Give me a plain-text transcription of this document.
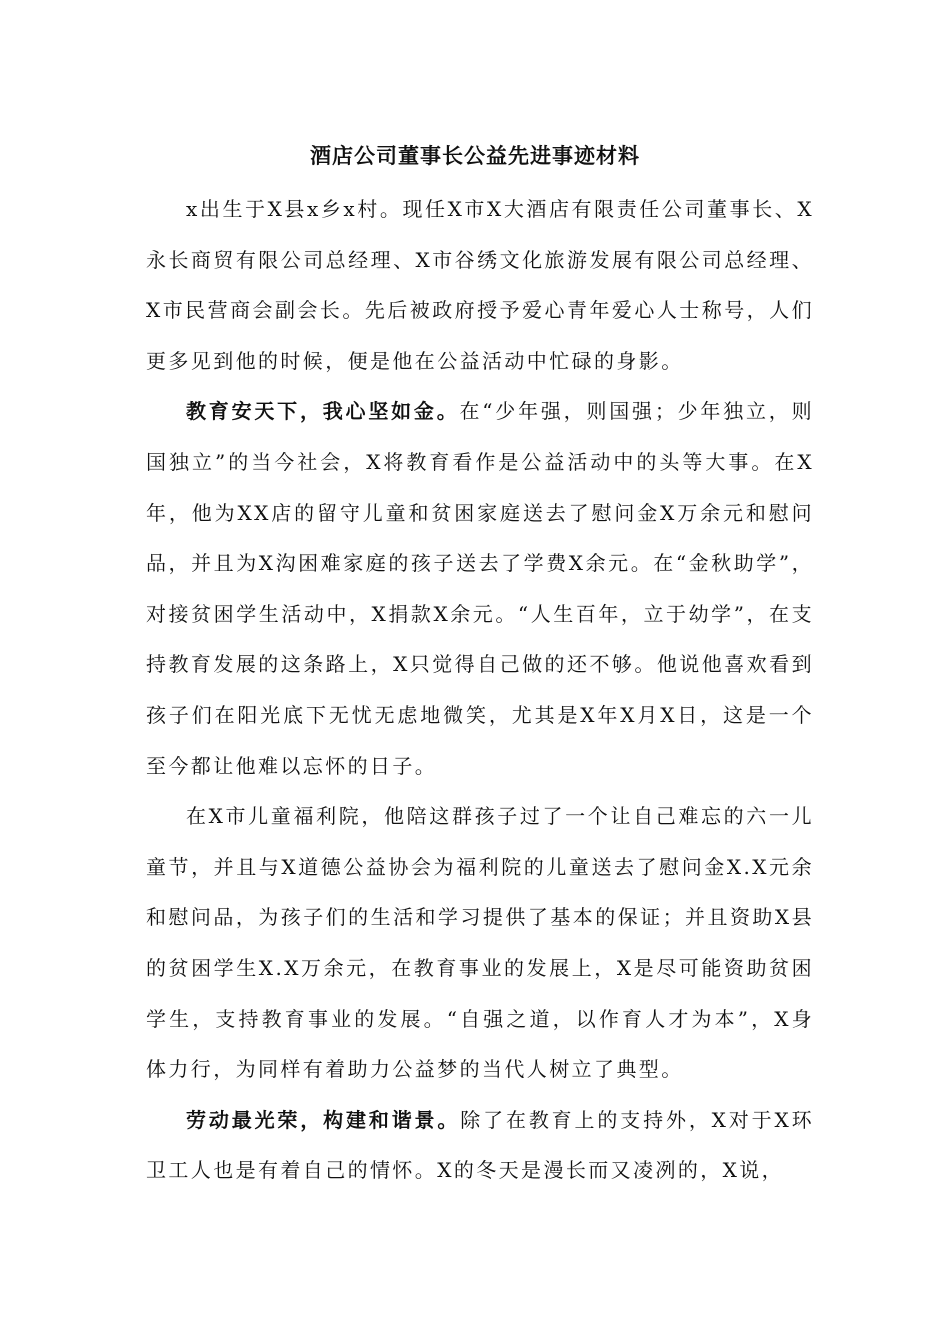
酒店公司董事长公益先进事迹材料

x出生于X县x乡x村。现任X市X大酒店有限责任公司董事长、X永长商贸有限公司总经理、X市谷绣文化旅游发展有限公司总经理、X市民营商会副会长。先后被政府授予爱心青年爱心人士称号，人们更多见到他的时候，便是他在公益活动中忙碌的身影。

教育安天下，我心坚如金。在“少年强，则国强；少年独立，则国独立”的当今社会，X将教育看作是公益活动中的头等大事。在X年，他为XX店的留守儿童和贫困家庭送去了慰问金X万余元和慰问品，并且为X沟困难家庭的孩子送去了学费X余元。在“金秋助学”，对接贫困学生活动中，X捐款X余元。“人生百年，立于幼学”，在支持教育发展的这条路上，X只觉得自己做的还不够。他说他喜欢看到孩子们在阳光底下无忧无虑地微笑，尤其是X年X月X日，这是一个至今都让他难以忘怀的日子。

在X市儿童福利院，他陪这群孩子过了一个让自己难忘的六一儿童节，并且与X道德公益协会为福利院的儿童送去了慰问金X.X元余和慰问品，为孩子们的生活和学习提供了基本的保证；并且资助X县的贫困学生X.X万余元，在教育事业的发展上，X是尽可能资助贫困学生，支持教育事业的发展。“自强之道，以作育人才为本”，X身体力行，为同样有着助力公益梦的当代人树立了典型。

劳动最光荣，构建和谐景。除了在教育上的支持外，X对于X环卫工人也是有着自己的情怀。X的冬天是漫长而又凌冽的，X说，
